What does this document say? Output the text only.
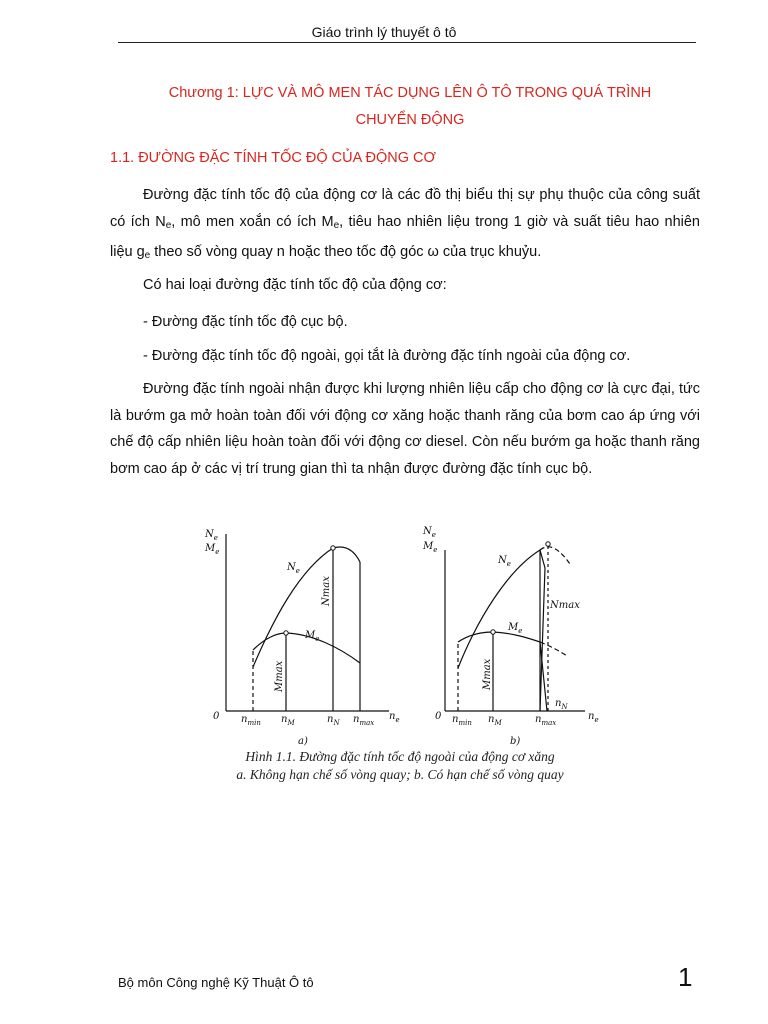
Giáo trình lý thuyết ô tô
Chương 1: LỰC VÀ MÔ MEN TÁC DỤNG LÊN Ô TÔ TRONG QUÁ TRÌNH
CHUYỂN ĐỘNG
1.1. ĐƯỜNG ĐẶC TÍNH TỐC ĐỘ CỦA ĐỘNG CƠ
Đường đặc tính tốc độ của động cơ là các đồ thị biểu thị sự phụ thuộc của công suất có ích $N_e$, mô men xoắn có ích $M_e$, tiêu hao nhiên liệu trong 1 giờ và suất tiêu hao nhiên liệu $g_e$ theo số vòng quay n hoặc theo tốc độ góc ω của trục khuỷu.
Có hai loại đường đặc tính tốc độ của động cơ:
- Đường đặc tính tốc độ cục bộ.
- Đường đặc tính tốc độ ngoài, gọi tắt là đường đặc tính ngoài của động cơ.
Đường đặc tính ngoài nhận được khi lượng nhiên liệu cấp cho động cơ là cực đại, tức là bướm ga mở hoàn toàn đối với động cơ xăng hoặc thanh răng của bơm cao áp ứng với chế độ cấp nhiên liệu hoàn toàn đối với động cơ diesel. Còn nếu bướm ga hoặc thanh răng bơm cao áp ở các vị trí trung gian thì ta nhận được đường đặc tính cục bộ.
$N_e$
$M_e$
$N_e$
$M_e$
Nmax
Mmax
0 $n_{min}$ $n_M$	$n_N$ $n_{max}$
$n_e$
a)
$N_e$
$M_e$
$N_e$
$M_e$
Nmax
Mmax
0 $n_{min}$ $n_M$	$n_{max}$
$n_N$
$n_e$
b)
Hình 1.1. Đường đặc tính tốc độ ngoài của động cơ xăng
a. Không hạn chế số vòng quay; b. Có hạn chế số vòng quay
Bộ môn Công nghệ Kỹ Thuật Ô tô	1
